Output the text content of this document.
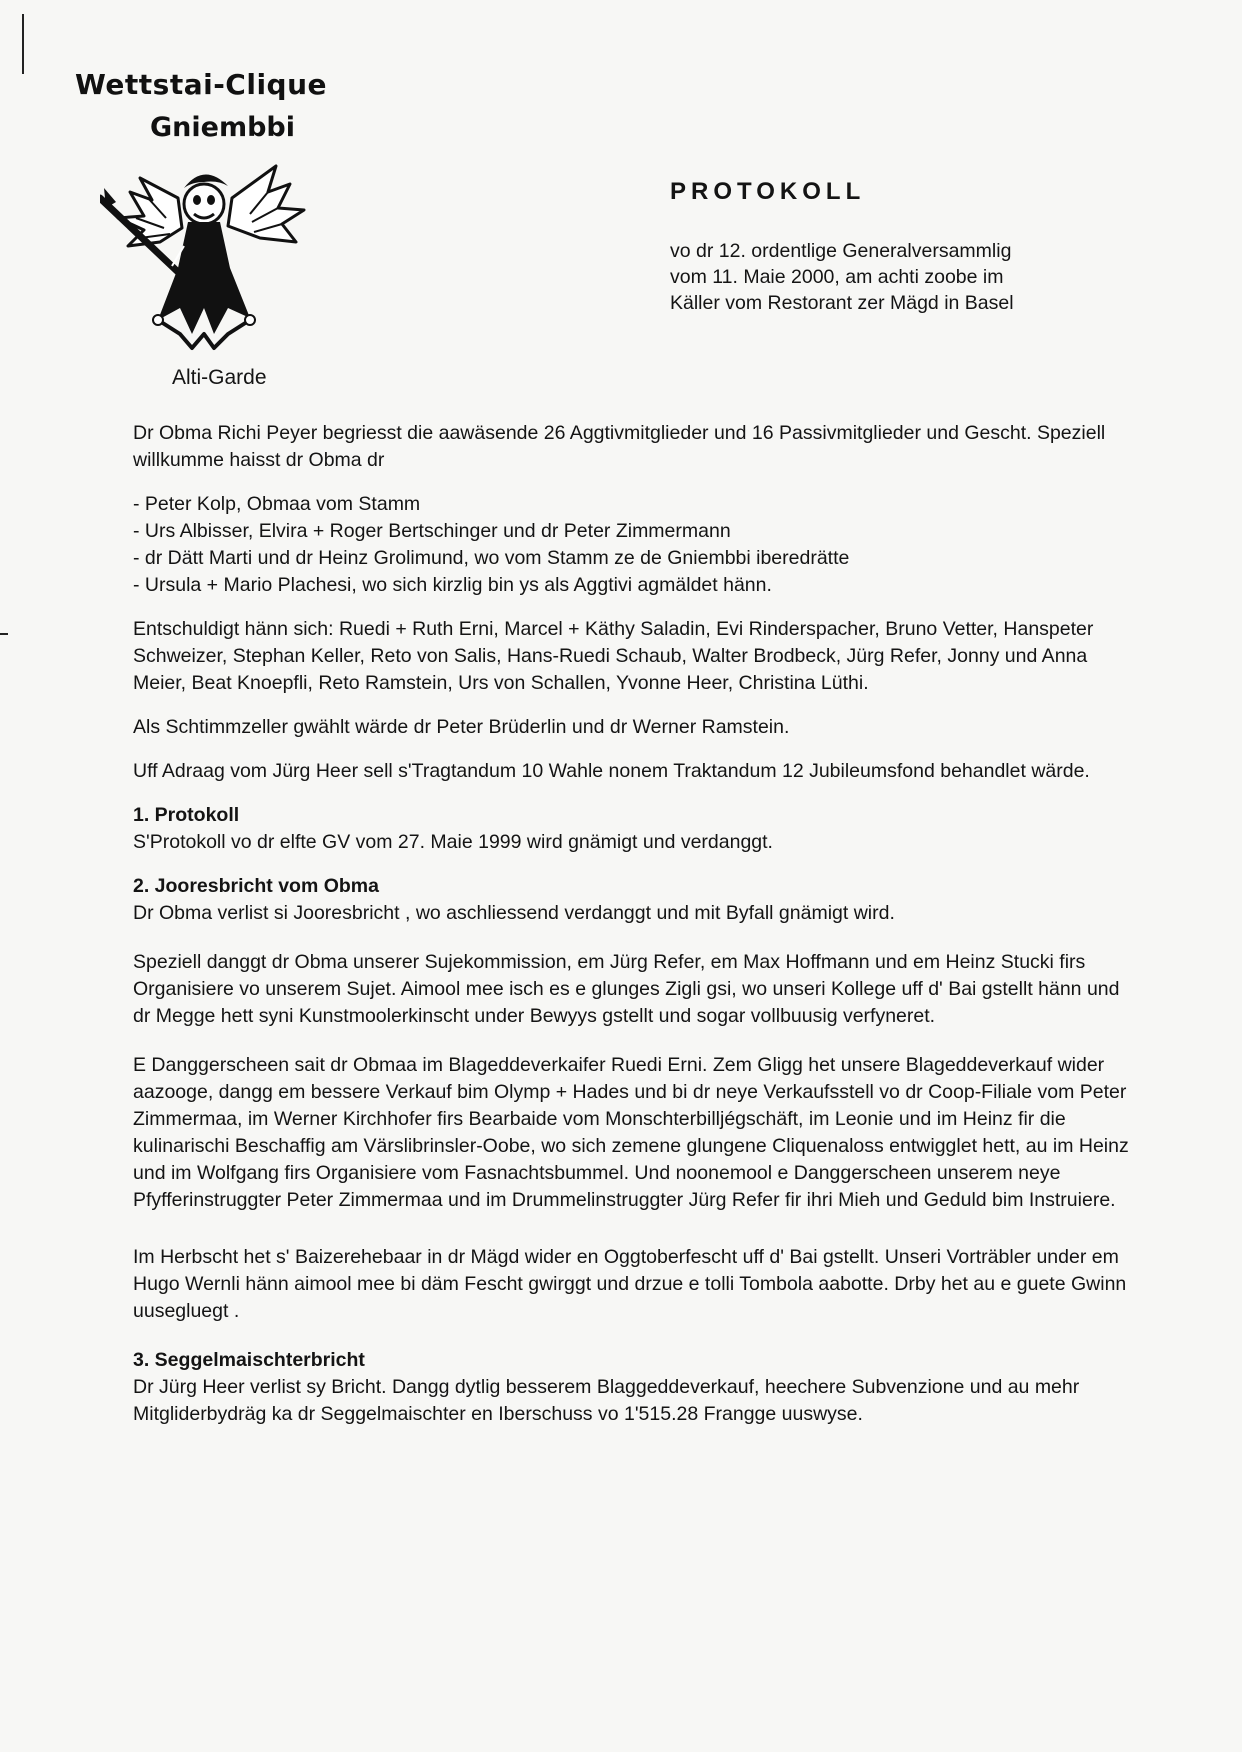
Wettstai-Clique
Gniembbi
Alti-Garde
PROTOKOLL
vo dr 12. ordentlige Generalversammlig
vom 11. Maie 2000, am achti zoobe im
Käller vom Restorant zer Mägd in Basel

Dr Obma Richi Peyer begriesst die aawäsende 26 Aggtivmitglieder und 16 Passivmitglieder und Gescht. Speziell willkumme haisst dr Obma dr

- Peter Kolp, Obmaa vom Stamm
- Urs Albisser, Elvira + Roger Bertschinger und dr Peter Zimmermann
- dr Dätt Marti und dr Heinz Grolimund, wo vom Stamm ze de Gniembbi iberedrätte
- Ursula + Mario Plachesi, wo sich kirzlig bin ys als Aggtivi agmäldet hänn.

Entschuldigt hänn sich: Ruedi + Ruth Erni, Marcel + Käthy Saladin, Evi Rinderspacher, Bruno Vetter, Hanspeter Schweizer, Stephan Keller, Reto von Salis, Hans-Ruedi Schaub, Walter Brodbeck, Jürg Refer, Jonny und Anna Meier, Beat Knoepfli, Reto Ramstein, Urs von Schallen, Yvonne Heer, Christina Lüthi.

Als Schtimmzeller gwählt wärde dr Peter Brüderlin und dr Werner Ramstein.

Uff Adraag vom Jürg Heer sell s'Tragtandum 10 Wahle nonem Traktandum 12 Jubileumsfond behandlet wärde.

1. Protokoll

S'Protokoll vo dr elfte GV vom 27. Maie 1999 wird gnämigt und verdanggt.

2. Jooresbricht vom Obma

Dr Obma verlist si Jooresbricht , wo aschliessend verdanggt und mit Byfall gnämigt wird.

Speziell danggt dr Obma unserer Sujekommission, em Jürg Refer, em Max Hoffmann und em Heinz Stucki firs Organisiere vo unserem Sujet. Aimool mee isch es e glunges Zigli gsi, wo unseri Kollege uff d' Bai gstellt hänn und dr Megge hett syni Kunstmoolerkinscht under Bewyys gstellt und sogar vollbuusig verfyneret.

E Danggerscheen sait dr Obmaa im Blageddeverkaifer Ruedi Erni. Zem Gligg het unsere Blageddeverkauf wider aazooge, dangg em bessere Verkauf bim Olymp + Hades und bi dr neye Verkaufsstell vo dr Coop-Filiale vom Peter Zimmermaa, im Werner Kirchhofer firs Bearbaide vom Monschterbilljégschäft, im Leonie und im Heinz fir die kulinarischi Beschaffig am Värslibrinsler-Oobe, wo sich zemene glungene Cliquenaloss entwigglet hett, au im Heinz und im Wolfgang firs Organisiere vom Fasnachtsbummel. Und noonemool e Danggerscheen unserem neye Pfyfferinstruggter Peter Zimmermaa und im Drummelinstruggter Jürg Refer fir ihri Mieh und Geduld bim Instruiere.

Im Herbscht het s' Baizerehebaar in dr Mägd wider en Oggtoberfescht uff d' Bai gstellt. Unseri Vorträbler under em Hugo Wernli hänn aimool mee bi däm Fescht gwirggt und drzue e tolli Tombola aabotte. Drby het au e guete Gwinn uusegluegt .

3. Seggelmaischterbricht

Dr Jürg Heer verlist sy Bricht. Dangg dytlig besserem Blaggeddeverkauf, heechere Subvenzione und au mehr Mitgliderbydräg ka dr Seggelmaischter en Iberschuss vo 1'515.28 Frangge uuswyse.
